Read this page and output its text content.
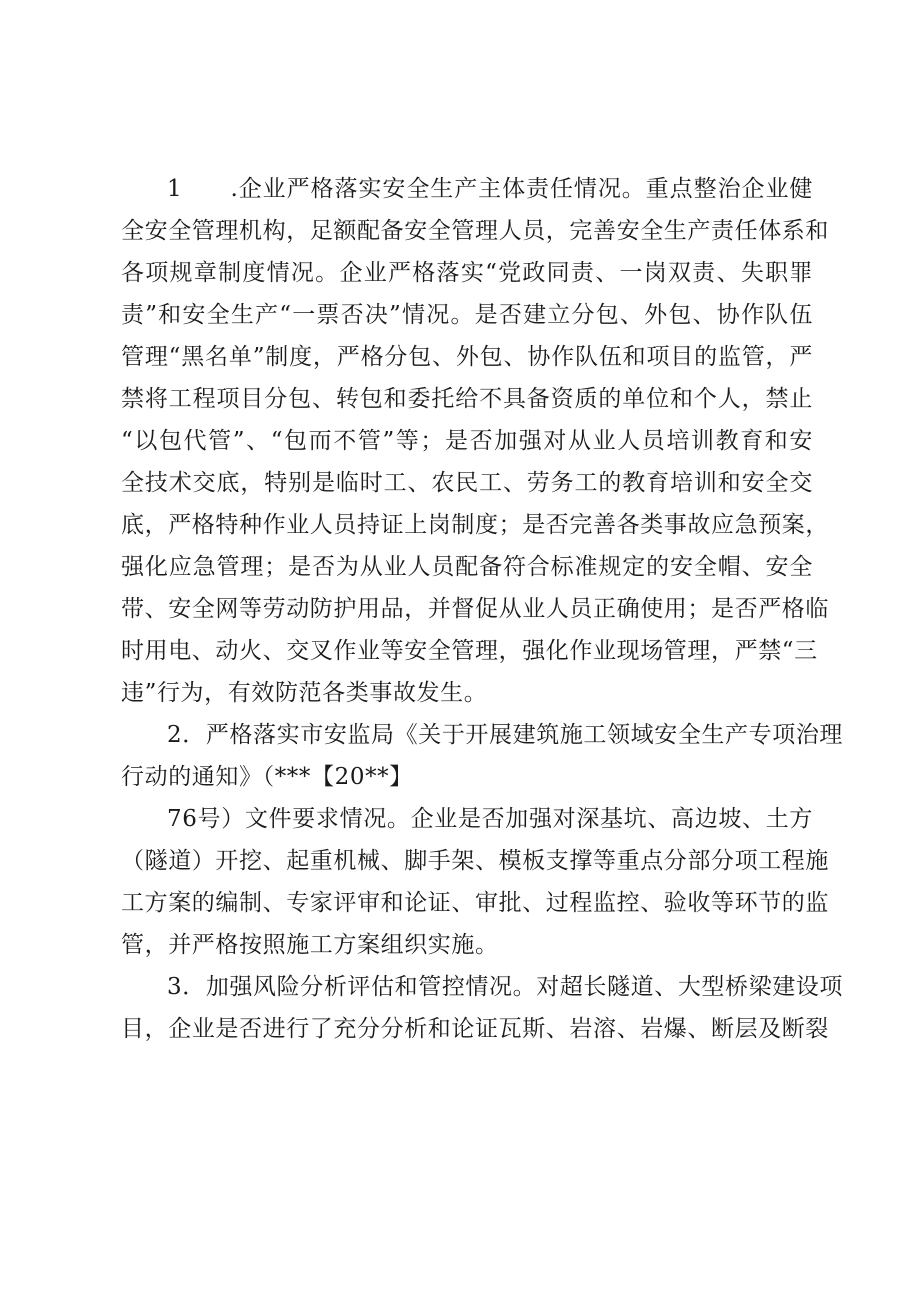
1　　.企业严格落实安全生产主体责任情况。重点整治企业健
全安全管理机构，足额配备安全管理人员，完善安全生产责任体系和
各项规章制度情况。企业严格落实“党政同责、一岗双责、失职罪
责”和安全生产“一票否决”情况。是否建立分包、外包、协作队伍
管理“黑名单”制度，严格分包、外包、协作队伍和项目的监管，严
禁将工程项目分包、转包和委托给不具备资质的单位和个人，禁止
“以包代管”、“包而不管”等；是否加强对从业人员培训教育和安
全技术交底，特别是临时工、农民工、劳务工的教育培训和安全交
底，严格特种作业人员持证上岗制度；是否完善各类事故应急预案，
强化应急管理；是否为从业人员配备符合标准规定的安全帽、安全
带、安全网等劳动防护用品，并督促从业人员正确使用；是否严格临
时用电、动火、交叉作业等安全管理，强化作业现场管理，严禁“三
违”行为，有效防范各类事故发生。
2．严格落实市安监局《关于开展建筑施工领域安全生产专项治理
行动的通知》（***【20**】
76号）文件要求情况。企业是否加强对深基坑、高边坡、土方
（隧道）开挖、起重机械、脚手架、模板支撑等重点分部分项工程施
工方案的编制、专家评审和论证、审批、过程监控、验收等环节的监
管，并严格按照施工方案组织实施。
3．加强风险分析评估和管控情况。对超长隧道、大型桥梁建设项
目，企业是否进行了充分分析和论证瓦斯、岩溶、岩爆、断层及断裂
